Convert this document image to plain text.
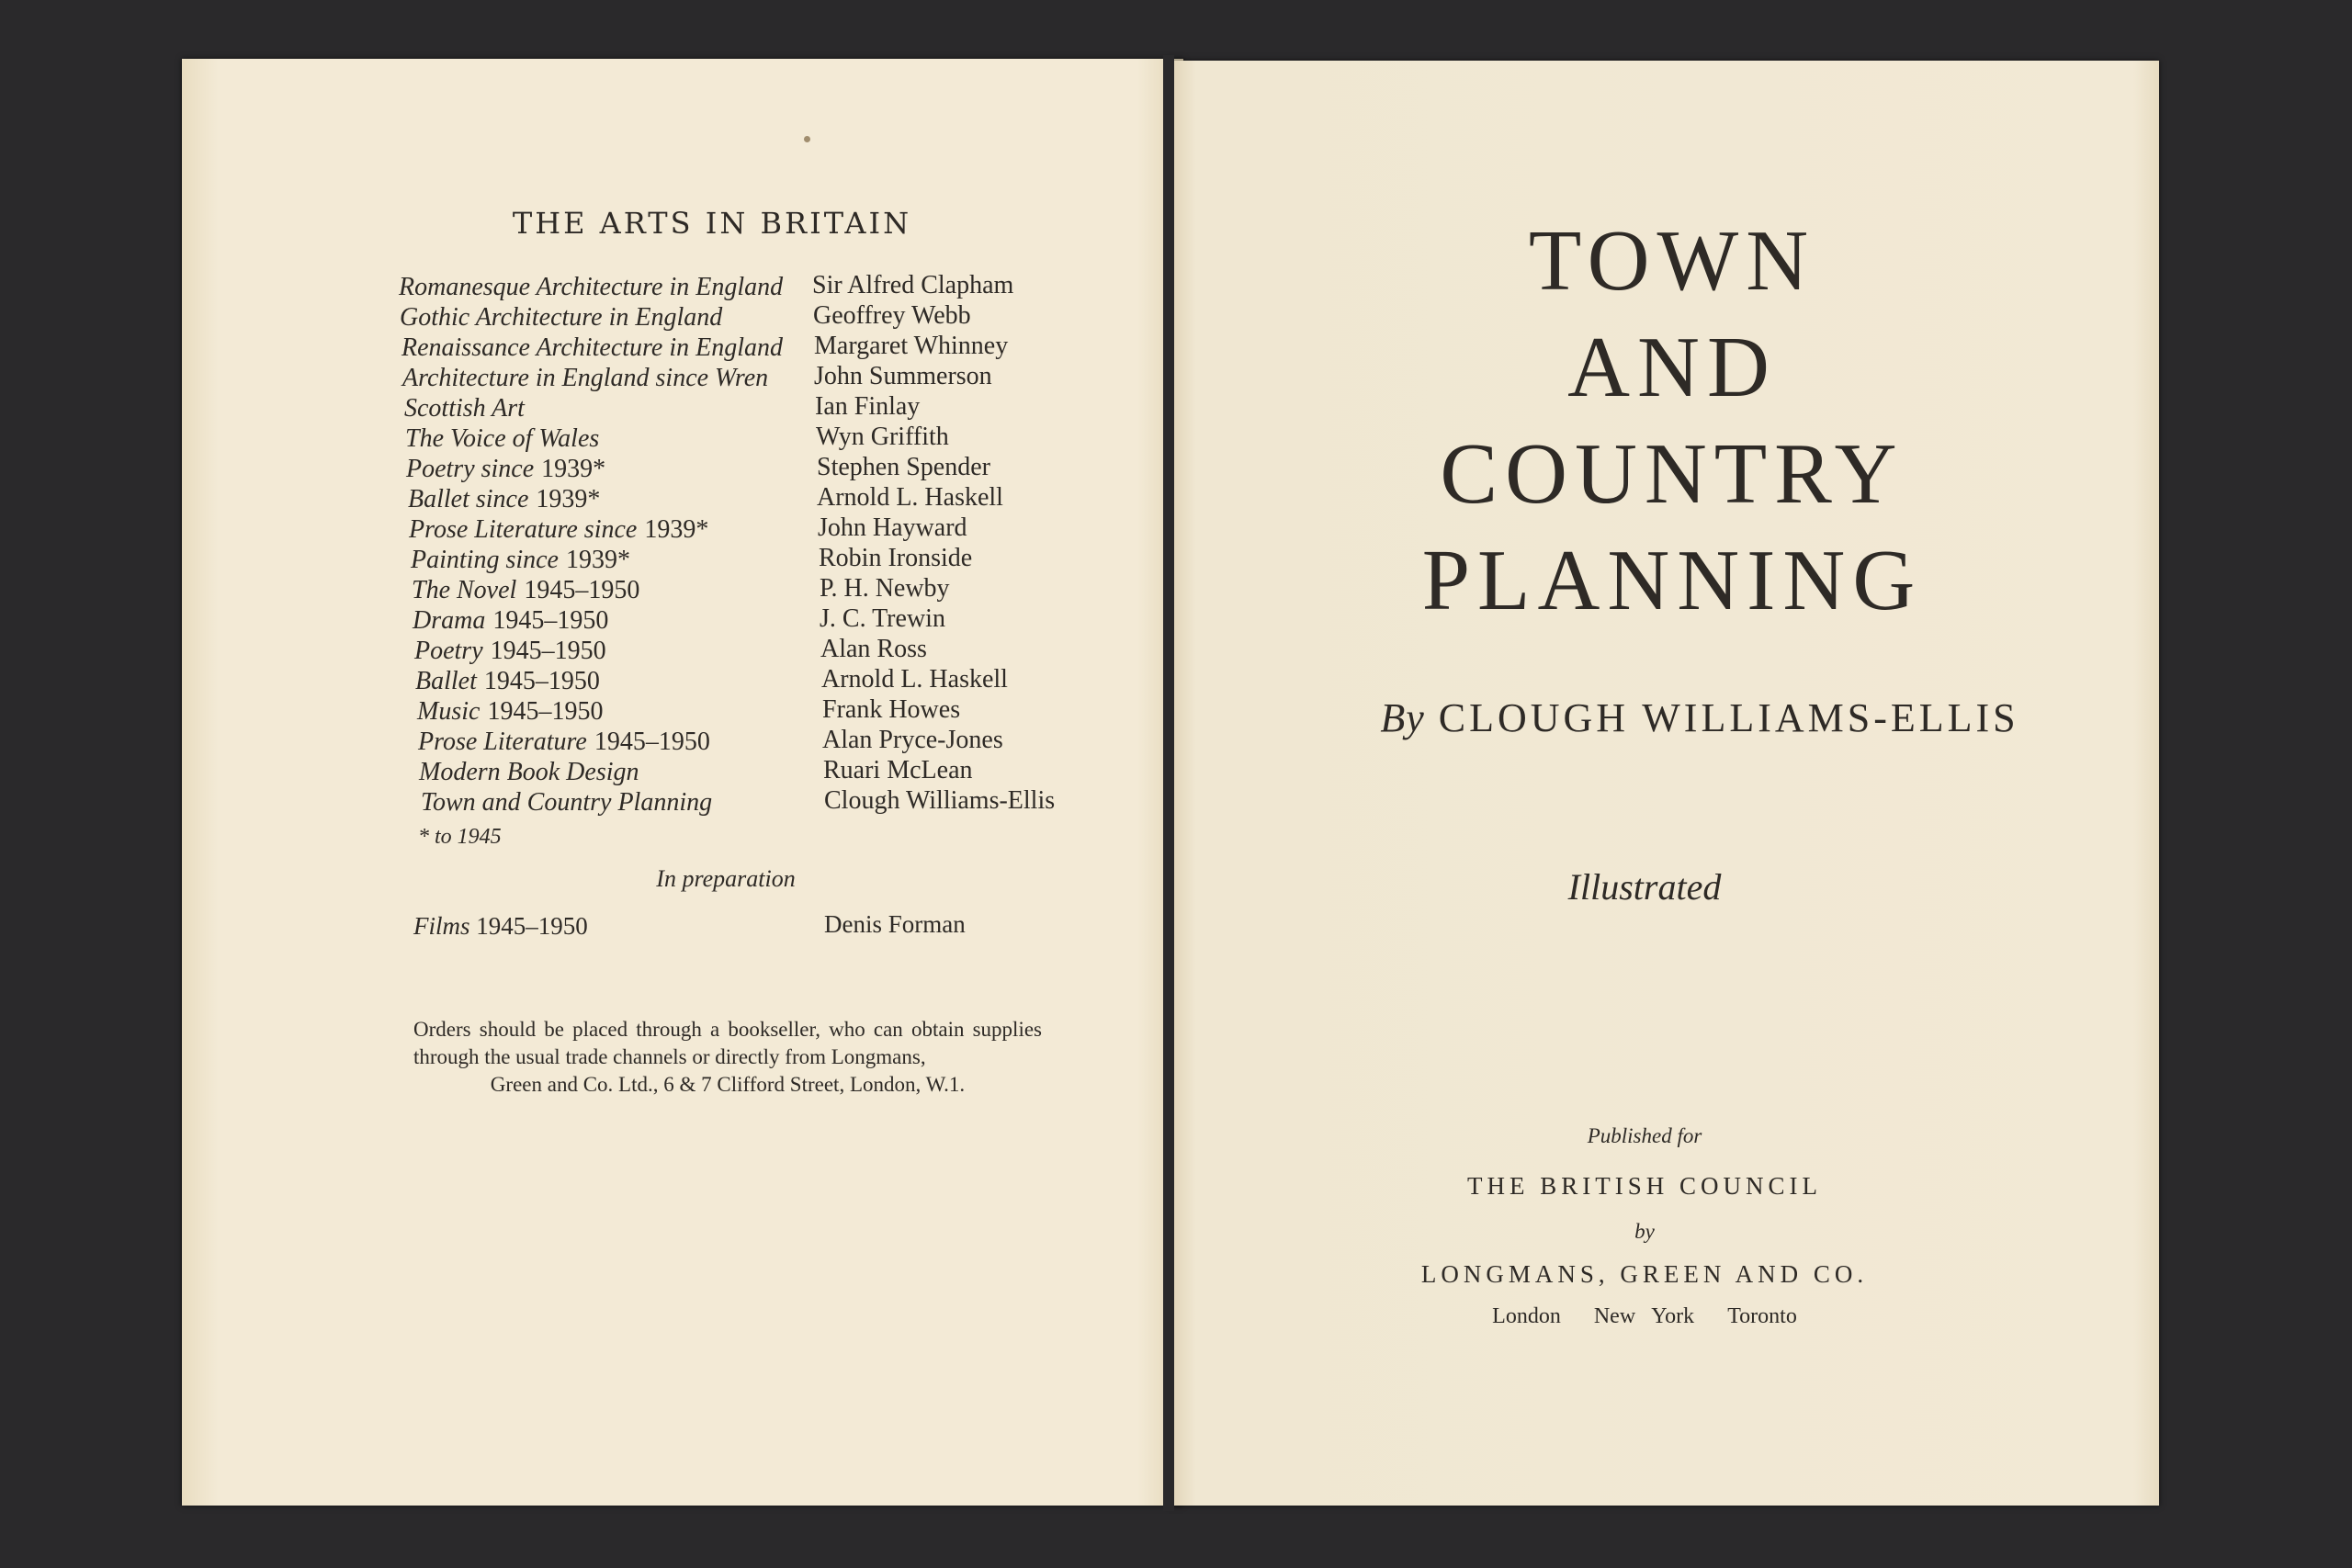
THE ARTS IN BRITAIN
Romanesque Architecture in England
Gothic Architecture in England
Renaissance Architecture in England
Architecture in England since Wren
Scottish Art
The Voice of Wales
Poetry since 1939*
Ballet since 1939*
Prose Literature since 1939*
Painting since 1939*
The Novel 1945–1950
Drama 1945–1950
Poetry 1945–1950
Ballet 1945–1950
Music 1945–1950
Prose Literature 1945–1950
Modern Book Design
Town and Country Planning
Sir Alfred Clapham
Geoffrey Webb
Margaret Whinney
John Summerson
Ian Finlay
Wyn Griffith
Stephen Spender
Arnold L. Haskell
John Hayward
Robin Ironside
P. H. Newby
J. C. Trewin
Alan Ross
Arnold L. Haskell
Frank Howes
Alan Pryce-Jones
Ruari McLean
Clough Williams-Ellis
* to 1945
In preparation
Films 1945–1950	Denis Forman
Orders should be placed through a bookseller, who can obtain supplies through the usual trade channels or directly from Longmans,
Green and Co. Ltd., 6 & 7 Clifford Street, London, W.1.
TOWN
AND
COUNTRY
PLANNING
By CLOUGH WILLIAMS-ELLIS
Illustrated
Published for
THE BRITISH COUNCIL
by
LONGMANS, GREEN AND CO.
London New York Toronto
